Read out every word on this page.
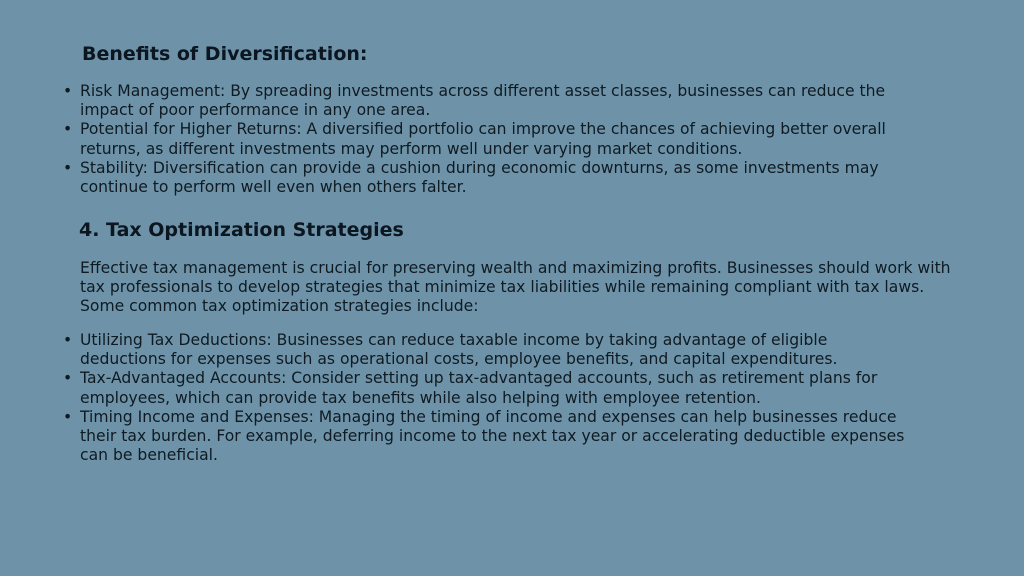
Benefits of Diversification:
• Risk Management: By spreading investments across different asset classes, businesses can reduce the impact of poor performance in any one area.
• Potential for Higher Returns: A diversified portfolio can improve the chances of achieving better overall returns, as different investments may perform well under varying market conditions.
• Stability: Diversification can provide a cushion during economic downturns, as some investments may continue to perform well even when others falter.
4. Tax Optimization Strategies

Effective tax management is crucial for preserving wealth and maximizing profits. Businesses should work with tax professionals to develop strategies that minimize tax liabilities while remaining compliant with tax laws. Some common tax optimization strategies include:

• Utilizing Tax Deductions: Businesses can reduce taxable income by taking advantage of eligible deductions for expenses such as operational costs, employee benefits, and capital expenditures.
• Tax-Advantaged Accounts: Consider setting up tax-advantaged accounts, such as retirement plans for employees, which can provide tax benefits while also helping with employee retention.
• Timing Income and Expenses: Managing the timing of income and expenses can help businesses reduce their tax burden. For example, deferring income to the next tax year or accelerating deductible expenses can be beneficial.
